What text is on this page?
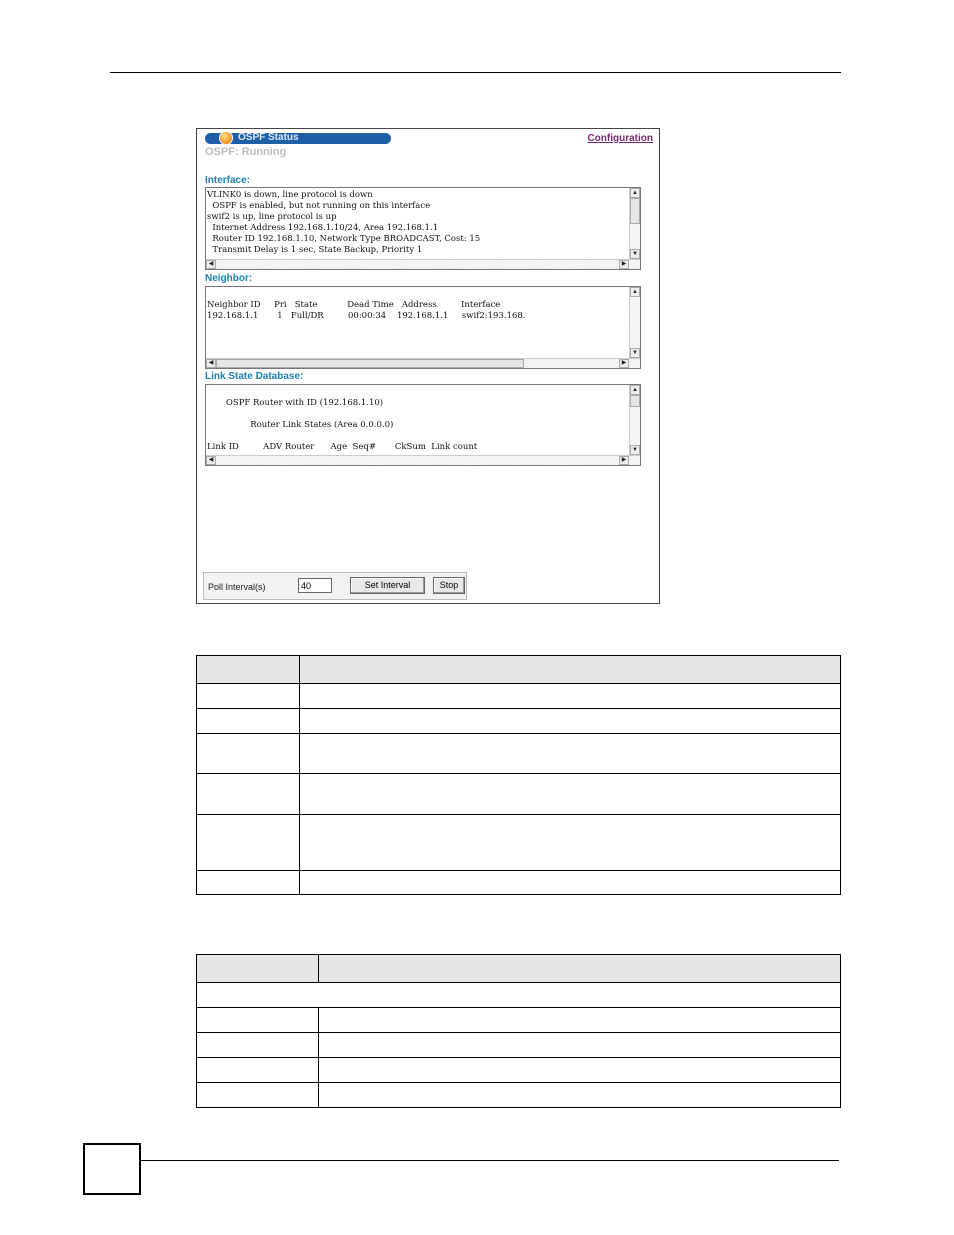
OSPF Status	Configuration
OSPF: Running
Interface:
VLINK0 is down, line protocol is down
OSPF is enabled, but not running on this interface
swif2 is up, line protocol is up
Internet Address 192.168.1.10/24, Area 192.168.1.1
Router ID 192.168.1.10, Network Type BROADCAST, Cost: 15
Transmit Delay is 1 sec, State Backup, Priority 1
▲
▼
◀	▶
Neighbor:

Neighbor ID     Pri   State           Dead Time   Address         Interface
192.168.1.1       1   Full/DR         00:00:34    192.168.1.1     swif2:193.168.
▲
▼
◀	▶
Link State Database:

OSPF Router with ID (192.168.1.10)

Router Link States (Area 0.0.0.0)

Link ID         ADV Router      Age  Seq#       CkSum  Link count
▲
▼
◀	▶
Poll Interval(s)
40	Set Interval	Stop
